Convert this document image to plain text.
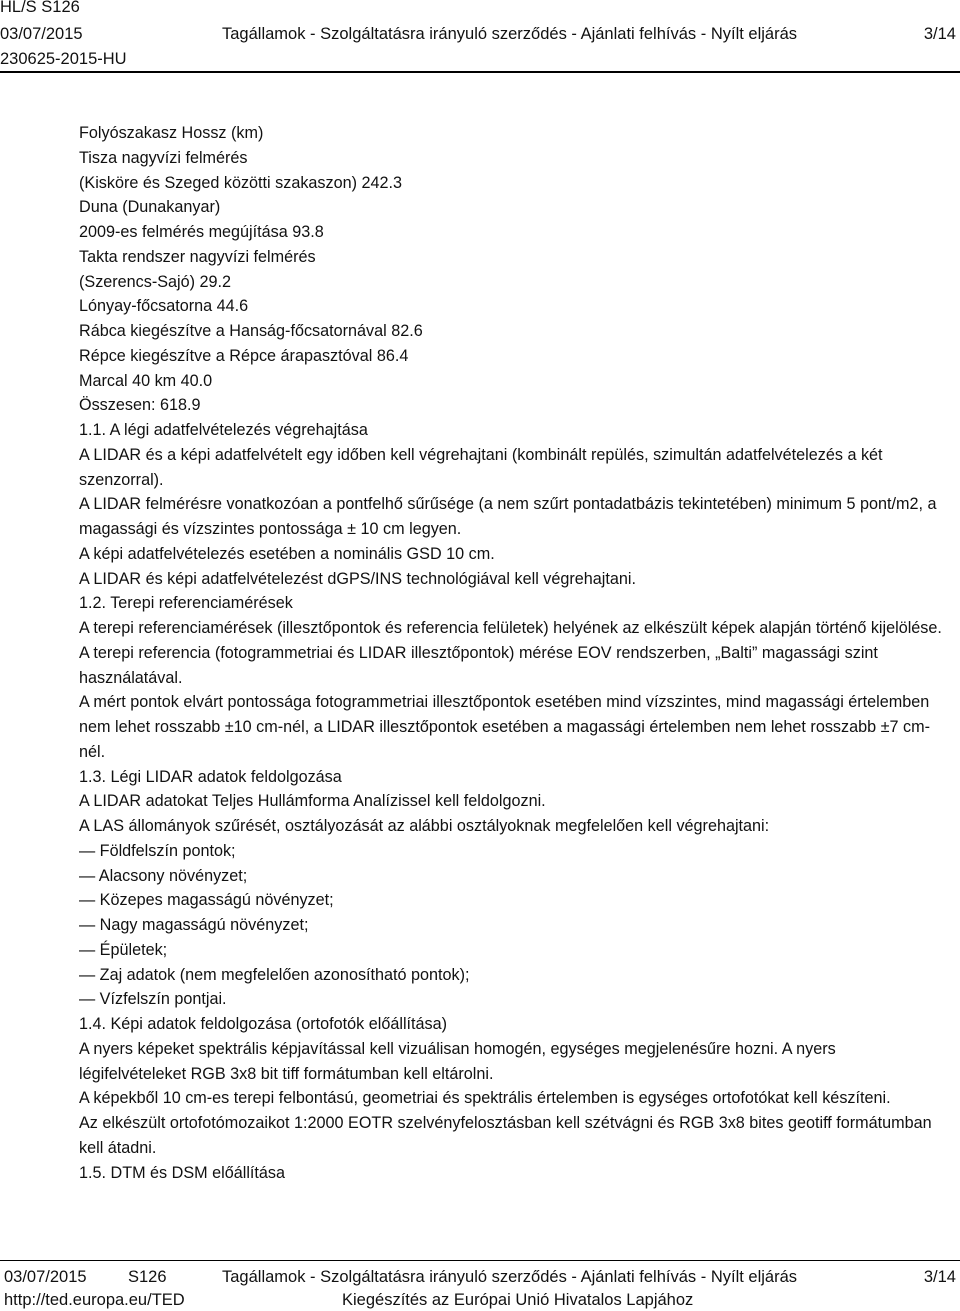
HL/S S126
03/07/2015	Tagállamok - Szolgáltatásra irányuló szerződés - Ajánlati felhívás - Nyílt eljárás	3/14
230625-2015-HU

Folyószakasz Hossz (km)

Tisza nagyvízi felmérés

(Kisköre és Szeged közötti szakaszon) 242.3

Duna (Dunakanyar)

2009-es felmérés megújítása 93.8

Takta rendszer nagyvízi felmérés

(Szerencs-Sajó) 29.2

Lónyay-főcsatorna 44.6

Rábca kiegészítve a Hanság-főcsatornával 82.6

Répce kiegészítve a Répce árapasztóval 86.4

Marcal 40 km 40.0

Összesen: 618.9

1.1. A légi adatfelvételezés végrehajtása

A LIDAR és a képi adatfelvételt egy időben kell végrehajtani (kombinált repülés, szimultán adatfelvételezés a két szenzorral).

A LIDAR felmérésre vonatkozóan a pontfelhő sűrűsége (a nem szűrt pontadatbázis tekintetében) minimum 5 pont/m2, a magassági és vízszintes pontossága ± 10 cm legyen.

A képi adatfelvételezés esetében a nominális GSD 10 cm.

A LIDAR és képi adatfelvételezést dGPS/INS technológiával kell végrehajtani.

1.2. Terepi referenciamérések

A terepi referenciamérések (illesztőpontok és referencia felületek) helyének az elkészült képek alapján történő kijelölése.

A terepi referencia (fotogrammetriai és LIDAR illesztőpontok) mérése EOV rendszerben, „Balti” magassági szint használatával.

A mért pontok elvárt pontossága fotogrammetriai illesztőpontok esetében mind vízszintes, mind magassági értelemben nem lehet rosszabb ±10 cm-nél, a LIDAR illesztőpontok esetében a magassági értelemben nem lehet rosszabb ±7 cm-nél.

1.3. Légi LIDAR adatok feldolgozása

A LIDAR adatokat Teljes Hullámforma Analízissel kell feldolgozni.

A LAS állományok szűrését, osztályozását az alábbi osztályoknak megfelelően kell végrehajtani:

— Földfelszín pontok;

— Alacsony növényzet;

— Közepes magasságú növényzet;

— Nagy magasságú növényzet;

— Épületek;

— Zaj adatok (nem megfelelően azonosítható pontok);

— Vízfelszín pontjai.

1.4. Képi adatok feldolgozása (ortofotók előállítása)

A nyers képeket spektrális képjavítással kell vizuálisan homogén, egységes megjelenésűre hozni. A nyers légifelvételeket RGB 3x8 bit tiff formátumban kell eltárolni.

A képekből 10 cm-es terepi felbontású, geometriai és spektrális értelemben is egységes ortofotókat kell készíteni.

Az elkészült ortofotómozaikot 1:2000 EOTR szelvényfelosztásban kell szétvágni és RGB 3x8 bites geotiff formátumban kell átadni.

1.5. DTM és DSM előállítása

03/07/2015	S126	Tagállamok - Szolgáltatásra irányuló szerződés - Ajánlati felhívás - Nyílt eljárás	3/14
http://ted.europa.eu/TED	Kiegészítés az Európai Unió Hivatalos Lapjához
